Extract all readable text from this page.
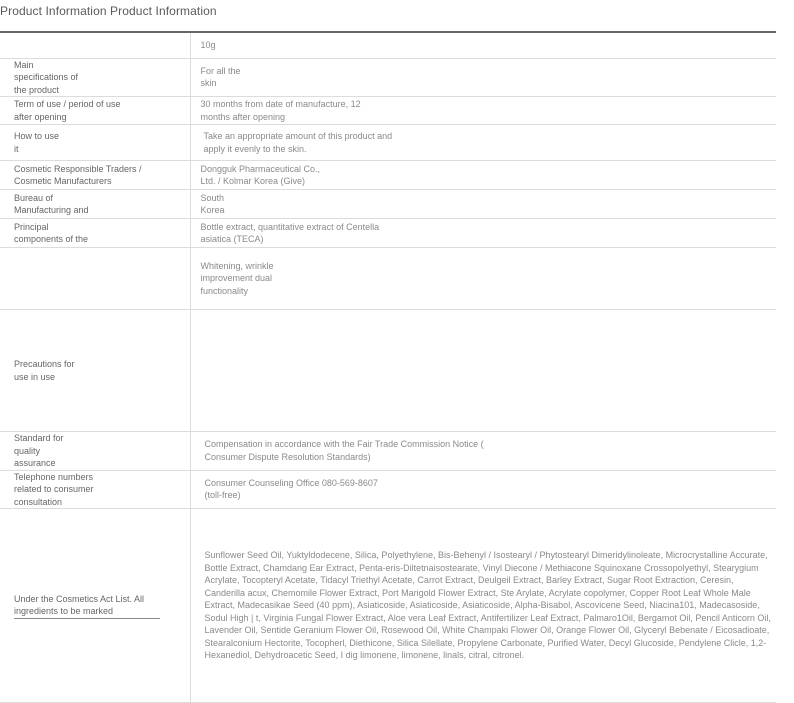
Product Information Product Information
	10g
Main specifications of the product	For all the skin
Term of use / period of use after opening	30 months from date of manufacture, 12 months after opening
How to use it	Take an appropriate amount of this product and apply it evenly to the skin.
Cosmetic Responsible Traders / Cosmetic Manufacturers	Dongguk Pharmaceutical Co., Ltd. / Kolmar Korea (Give)
Bureau of Manufacturing and	South Korea
Principal components of the	Bottle extract, quantitative extract of Centella asiatica (TECA)
	Whitening, wrinkle improvement dual functionality
Precautions for use in use	
Standard for quality assurance	Compensation in accordance with the Fair Trade Commission Notice ( Consumer Dispute Resolution Standards)
Telephone numbers related to consumer consultation	Consumer Counseling Office 080-569-8607 (toll-free)

Under the Cosmetics Act List. All ingredients to be marked	Sunflower Seed Oil, Yuktyldodecene, Silica, Polyethylene, Bis-Behenyl / Isostearyl / Phytostearyl Dimeridylinoleate, Microcrystalline Accurate, Bottle Extract, Chamdang Ear Extract, Penta-eris-Diltetnaisostearate, Vinyl Diecone / Methiacone Squinoxane Crossopolyethyl, Stearygium Acrylate, Tocopteryl Acetate, Tidacyl Triethyl Acetate, Carrot Extract, Deulgeil Extract, Barley Extract, Sugar Root Extraction, Ceresin, Canderilla acux, Chemomile Flower Extract, Port Marigold Flower Extract, Ste Arylate, Acrylate copolymer, Copper Root Leaf Whole Male Extract, Madecasikae Seed (40 ppm), Asiaticoside, Asiaticoside, Asiaticoside, Alpha-Bisabol, Ascovicene Seed, Niacina101, Madecasoside, Sodul High | t, Virginia Fungal Flower Extract, Aloe vera Leaf Extract, Antifertilizer Leaf Extract, Palmaro1Oil, Bergamot Oil, Pencil Anticorn Oil, Lavender Oil, Sentide Geranium Flower Oil, Rosewood Oil, White Champaki Flower Oil, Orange Flower Oil, Glyceryl Bebenate / Eicosadioate, Stearalconium Hectorite, Tocopherl, Diethicone, Silica Silellate, Propylene Carbonate, Purified Water, Decyl Glucoside, Pendylene Clicle, 1,2-Hexanediol, Dehydroacetic Seed, I dig limonene, limonene, linals, citral, citronel.
